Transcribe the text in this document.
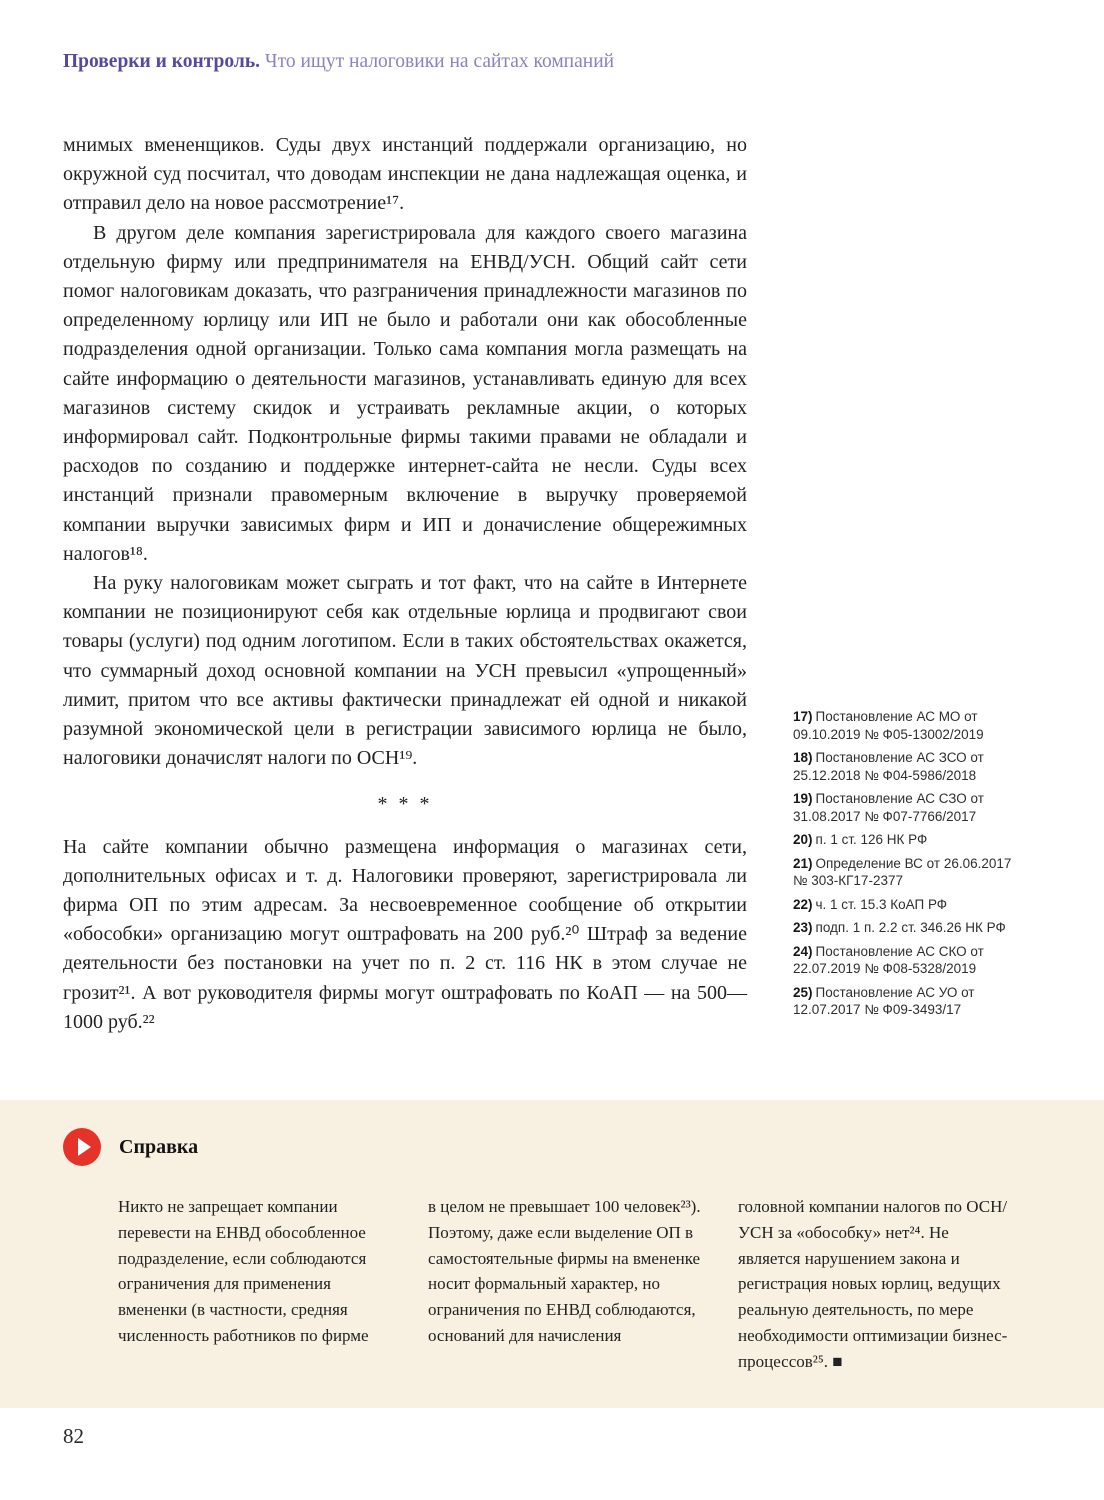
Проверки и контроль. Что ищут налоговики на сайтах компаний

мнимых вмененщиков. Суды двух инстанций поддержали организацию, но окружной суд посчитал, что доводам инспекции не дана надлежащая оценка, и отправил дело на новое рассмотрение¹⁷.

В другом деле компания зарегистрировала для каждого своего магазина отдельную фирму или предпринимателя на ЕНВД/УСН. Общий сайт сети помог налоговикам доказать, что разграничения принадлежности магазинов по определенному юрлицу или ИП не было и работали они как обособленные подразделения одной организации. Только сама компания могла размещать на сайте информацию о деятельности магазинов, устанавливать единую для всех магазинов систему скидок и устраивать рекламные акции, о которых информировал сайт. Подконтрольные фирмы такими правами не обладали и расходов по созданию и поддержке интернет-сайта не несли. Суды всех инстанций признали правомерным включение в выручку проверяемой компании выручки зависимых фирм и ИП и доначисление общережимных налогов¹⁸.

На руку налоговикам может сыграть и тот факт, что на сайте в Интернете компании не позиционируют себя как отдельные юрлица и продвигают свои товары (услуги) под одним логотипом. Если в таких обстоятельствах окажется, что суммарный доход основной компании на УСН превысил «упрощенный» лимит, притом что все активы фактически принадлежат ей одной и никакой разумной экономической цели в регистрации зависимого юрлица не было, налоговики доначислят налоги по ОСН¹⁹.

* * *

На сайте компании обычно размещена информация о магазинах сети, дополнительных офисах и т. д. Налоговики проверяют, зарегистрировала ли фирма ОП по этим адресам. За несвоевременное сообщение об открытии «обособки» организацию могут оштрафовать на 200 руб.²⁰ Штраф за ведение деятельности без постановки на учет по п. 2 ст. 116 НК в этом случае не грозит²¹. А вот руководителя фирмы могут оштрафовать по КоАП — на 500—1000 руб.²²

17) Постановление АС МО от 09.10.2019 № Ф05-13002/2019
18) Постановление АС ЗСО от 25.12.2018 № Ф04-5986/2018
19) Постановление АС СЗО от 31.08.2017 № Ф07-7766/2017
20) п. 1 ст. 126 НК РФ
21) Определение ВС от 26.06.2017 № 303-КГ17-2377
22) ч. 1 ст. 15.3 КоАП РФ
23) подп. 1 п. 2.2 ст. 346.26 НК РФ
24) Постановление АС СКО от 22.07.2019 № Ф08-5328/2019
25) Постановление АС УО от 12.07.2017 № Ф09-3493/17
Справка
Никто не запрещает компании перевести на ЕНВД обособленное подразделение, если соблюдаются ограничения для применения вмененки (в частности, средняя численность работников по фирме
в целом не превышает 100 человек²³). Поэтому, даже если выделение ОП в самостоятельные фирмы на вмененке носит формальный характер, но ограничения по ЕНВД соблюдаются, оснований для начисления
головной компании налогов по ОСН/УСН за «обособку» нет²⁴. Не является нарушением закона и регистрация новых юрлиц, ведущих реальную деятельность, по мере необходимости оптимизации бизнес-процессов²⁵. ■
82
